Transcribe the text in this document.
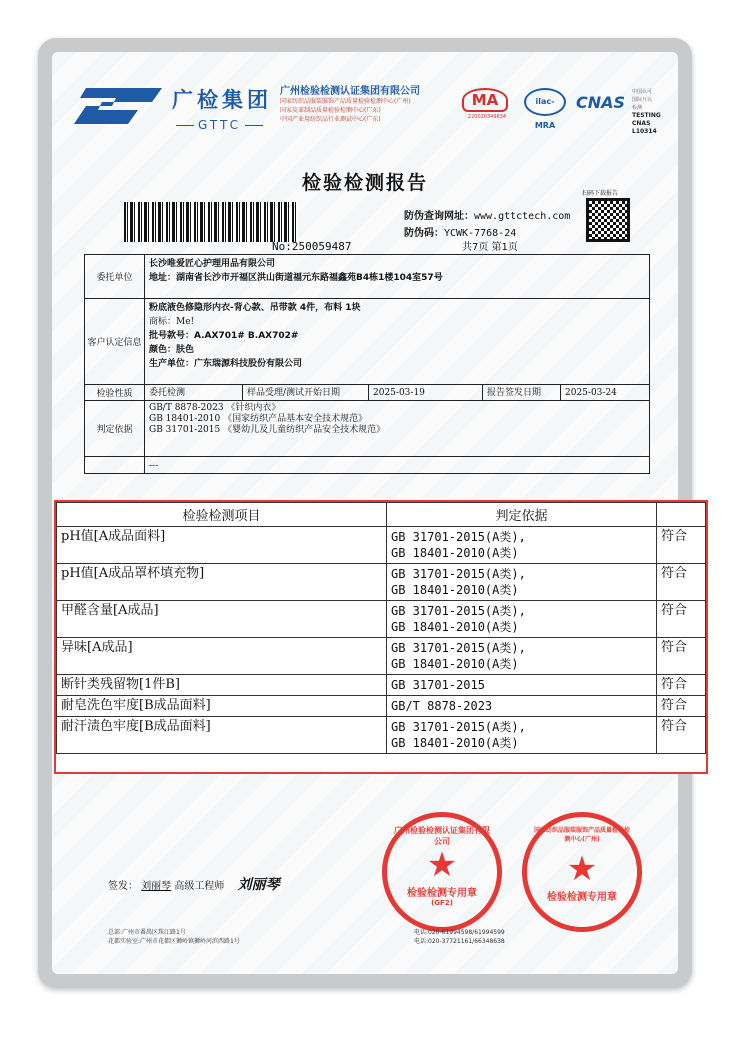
广检集团
GTTC
广州检验检测认证集团有限公司
国家纺织品服装服饰产品质量检验检测中心(广州)
国家皮革制品质量检验检测中心(广东)
中国产业用纺织品行业测试中心(广东)
MA
220020349634
ilac-MRA
CNAS
中国认可
国际互认
检测
TESTING
CNAS L10314
检验检测报告
No:250059487
防伪查询网址：www.gttctech.com
防伪码：YCWK-7768-24
扫码下载报告
共7页 第1页
委托单位
长沙唯爱匠心护理用品有限公司
地址：湖南省长沙市开福区洪山街道福元东路福鑫苑B4栋1楼104室57号
客户认定信息
粉底液色修隐形内衣-背心款、吊带款 4件，布料 1块
商标：Me!
批号款号：A.AX701# B.AX702#
颜色：肤色
生产单位：广东瑞源科技股份有限公司
检验性质	委托检测	样品受理/测试开始日期	2025-03-19	报告签发日期	2025-03-24
判定依据
GB/T 8878-2023 《针织内衣》
GB 18401-2010 《国家纺织产品基本安全技术规范》
GB 31701-2015 《婴幼儿及儿童纺织产品安全技术规范》
---
检验检测项目	判定依据	
pH值[A成品面料]	GB 31701-2015(A类),
GB 18401-2010(A类)	符合
pH值[A成品罩杯填充物]	GB 31701-2015(A类),
GB 18401-2010(A类)	符合
甲醛含量[A成品]	GB 31701-2015(A类),
GB 18401-2010(A类)	符合
异味[A成品]	GB 31701-2015(A类),
GB 18401-2010(A类)	符合
断针类残留物[1件B]	GB 31701-2015	符合
耐皂洗色牢度[B成品面料]	GB/T 8878-2023	符合
耐汗渍色牢度[B成品面料]	GB 31701-2015(A类),
GB 18401-2010(A类)	符合
广州检验检测认证集团有限公司
★
检验检测专用章
(GF2)
国家纺织品服装服饰产品质量检验检测中心(广州)
★
检验检测专用章
签发： 刘丽琴 高级工程师 刘丽琴
总部:广州市番禺区珠江路1号
花都实验室:广州市花都区狮岭镇狮岭河滨西路1号
电话:020-61994598/61994599
电话:020-37721161/66348638
